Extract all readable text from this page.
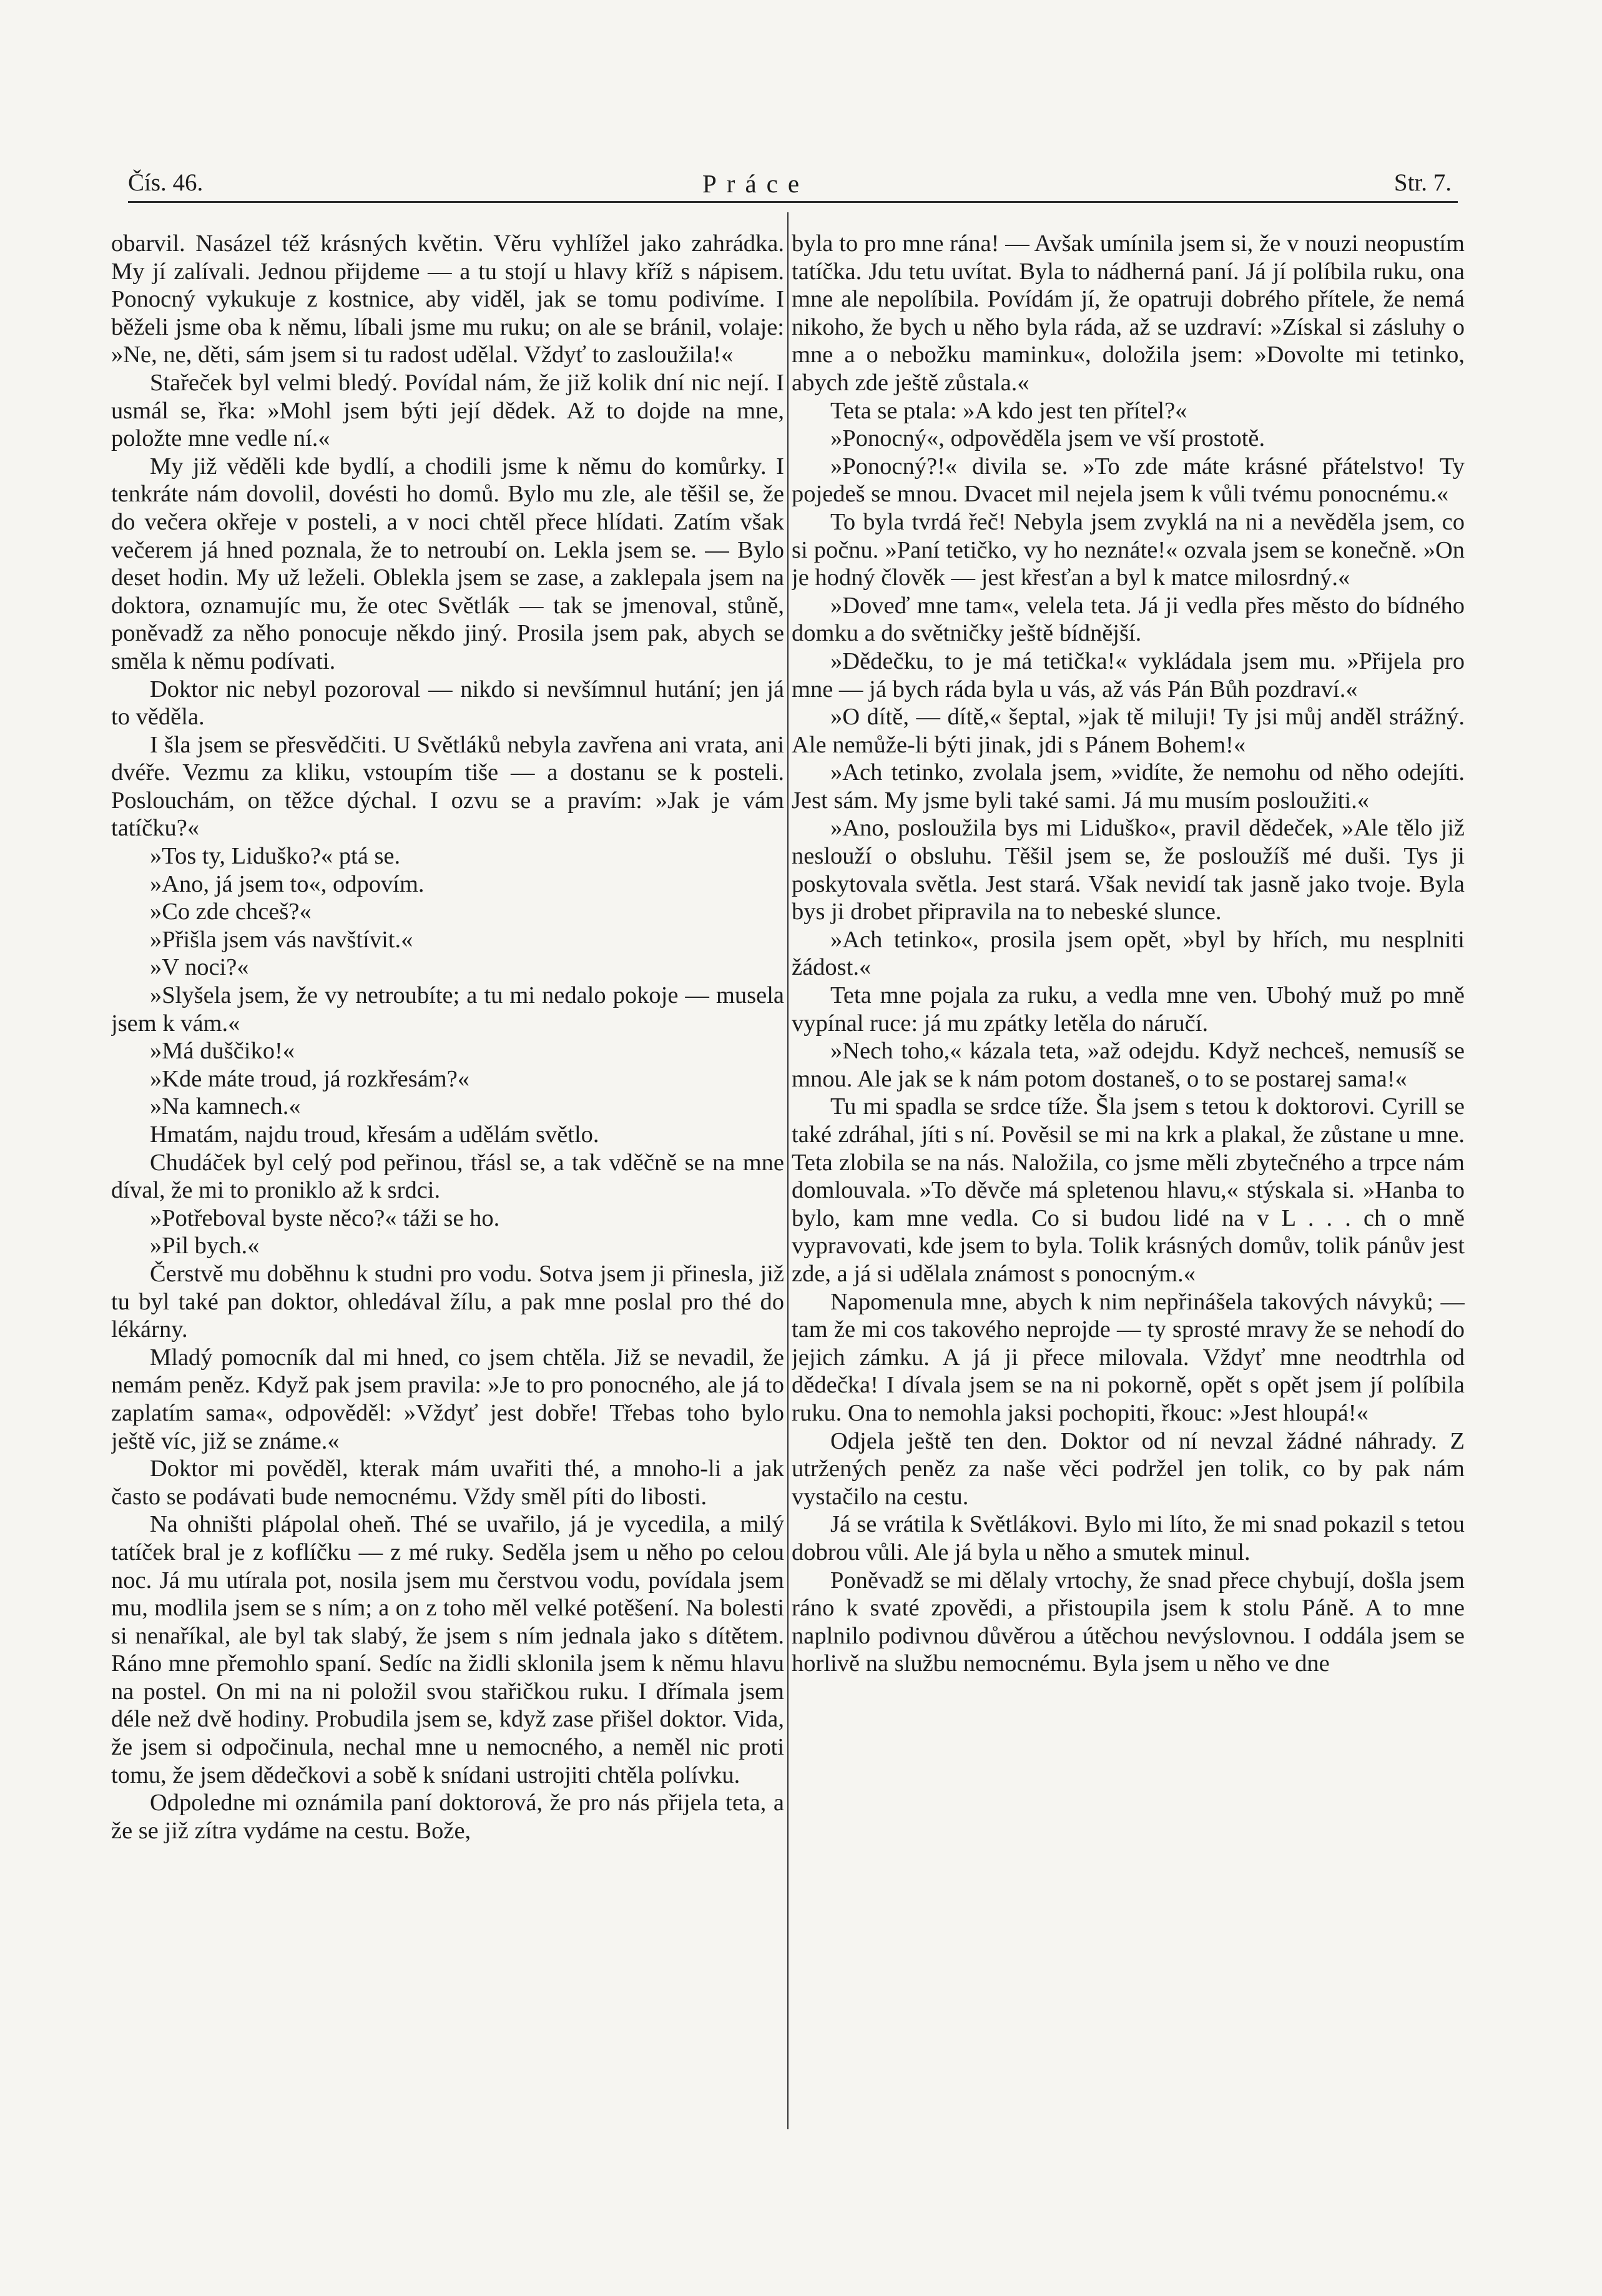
Čís. 46.	Práce	Str. 7.

obarvil. Nasázel též krásných květin. Věru vyhlížel jako zahrádka. My jí zalívali. Jednou přijdeme — a tu stojí u hlavy kříž s nápisem. Ponocný vykukuje z kostnice, aby viděl, jak se tomu podivíme. I běželi jsme oba k němu, líbali jsme mu ruku; on ale se bránil, volaje: »Ne, ne, děti, sám jsem si tu radost udělal. Vždyť to zasloužila!«

Stařeček byl velmi bledý. Povídal nám, že již kolik dní nic nejí. I usmál se, řka: »Mohl jsem býti její dědek. Až to dojde na mne, položte mne vedle ní.«

My již věděli kde bydlí, a chodili jsme k němu do komůrky. I tenkráte nám dovolil, dovésti ho domů. Bylo mu zle, ale těšil se, že do večera okřeje v posteli, a v noci chtěl přece hlídati. Zatím však večerem já hned poznala, že to netroubí on. Lekla jsem se. — Bylo deset hodin. My už leželi. Oblekla jsem se zase, a zaklepala jsem na doktora, oznamujíc mu, že otec Světlák — tak se jmenoval, stůně, poněvadž za něho ponocuje někdo jiný. Prosila jsem pak, abych se směla k němu podívati.

Doktor nic nebyl pozoroval — nikdo si nevšímnul hutání; jen já to věděla.

I šla jsem se přesvědčiti. U Světláků nebyla zavřena ani vrata, ani dvéře. Vezmu za kliku, vstoupím tiše — a dostanu se k posteli. Poslouchám, on těžce dýchal. I ozvu se a pravím: »Jak je vám tatíčku?«

»Tos ty, Liduško?« ptá se.

»Ano, já jsem to«, odpovím.

»Co zde chceš?«

»Přišla jsem vás navštívit.«

»V noci?«

»Slyšela jsem, že vy netroubíte; a tu mi nedalo pokoje — musela jsem k vám.«

»Má duščiko!«

»Kde máte troud, já rozkřesám?«

»Na kamnech.«

Hmatám, najdu troud, křesám a udělám světlo.

Chudáček byl celý pod peřinou, třásl se, a tak vděčně se na mne díval, že mi to proniklo až k srdci.

»Potřeboval byste něco?« táži se ho.

»Pil bych.«

Čerstvě mu doběhnu k studni pro vodu. Sotva jsem ji přinesla, již tu byl také pan doktor, ohledával žílu, a pak mne poslal pro thé do lékárny.

Mladý pomocník dal mi hned, co jsem chtěla. Již se nevadil, že nemám peněz. Když pak jsem pravila: »Je to pro ponocného, ale já to zaplatím sama«, odpověděl: »Vždyť jest dobře! Třebas toho bylo ještě víc, již se známe.«

Doktor mi pověděl, kterak mám uvařiti thé, a mnoho-li a jak často se podávati bude nemocnému. Vždy směl píti do libosti.

Na ohništi plápolal oheň. Thé se uvařilo, já je vycedila, a milý tatíček bral je z koflíčku — z mé ruky. Seděla jsem u něho po celou noc. Já mu utírala pot, nosila jsem mu čerstvou vodu, povídala jsem mu, modlila jsem se s ním; a on z toho měl velké potěšení. Na bolesti si nenaříkal, ale byl tak slabý, že jsem s ním jednala jako s dítětem. Ráno mne přemohlo spaní. Sedíc na židli sklonila jsem k němu hlavu na postel. On mi na ni položil svou stařičkou ruku. I dřímala jsem déle než dvě hodiny. Probudila jsem se, když zase přišel doktor. Vida, že jsem si odpočinula, nechal mne u nemocného, a neměl nic proti tomu, že jsem dědečkovi a sobě k snídani ustrojiti chtěla polívku.

Odpoledne mi oznámila paní doktorová, že pro nás přijela teta, a že se již zítra vydáme na cestu. Bože,

byla to pro mne rána! — Avšak umínila jsem si, že v nouzi neopustím tatíčka. Jdu tetu uvítat. Byla to nádherná paní. Já jí políbila ruku, ona mne ale nepolíbila. Povídám jí, že opatruji dobrého přítele, že nemá nikoho, že bych u něho byla ráda, až se uzdraví: »Získal si zásluhy o mne a o nebožku maminku«, doložila jsem: »Dovolte mi tetinko, abych zde ještě zůstala.«

Teta se ptala: »A kdo jest ten přítel?«

»Ponocný«, odpověděla jsem ve vší prostotě.

»Ponocný?!« divila se. »To zde máte krásné přátelstvo! Ty pojedeš se mnou. Dvacet mil nejela jsem k vůli tvému ponocnému.«

To byla tvrdá řeč! Nebyla jsem zvyklá na ni a nevěděla jsem, co si počnu. »Paní tetičko, vy ho neznáte!« ozvala jsem se konečně. »On je hodný člověk — jest křesťan a byl k matce milosrdný.«

»Doveď mne tam«, velela teta. Já ji vedla přes město do bídného domku a do světničky ještě bídnější.

»Dědečku, to je má tetička!« vykládala jsem mu. »Přijela pro mne — já bych ráda byla u vás, až vás Pán Bůh pozdraví.«

»O dítě, — dítě,« šeptal, »jak tě miluji! Ty jsi můj anděl strážný. Ale nemůže-li býti jinak, jdi s Pánem Bohem!«

»Ach tetinko, zvolala jsem, »vidíte, že nemohu od něho odejíti. Jest sám. My jsme byli také sami. Já mu musím posloužiti.«

»Ano, posloužila bys mi Liduško«, pravil dědeček, »Ale tělo již neslouží o obsluhu. Těšil jsem se, že posloužíš mé duši. Tys ji poskytovala světla. Jest stará. Však nevidí tak jasně jako tvoje. Byla bys ji drobet připravila na to nebeské slunce.

»Ach tetinko«, prosila jsem opět, »byl by hřích, mu nesplniti žádost.«

Teta mne pojala za ruku, a vedla mne ven. Ubohý muž po mně vypínal ruce: já mu zpátky letěla do náručí.

»Nech toho,« kázala teta, »až odejdu. Když nechceš, nemusíš se mnou. Ale jak se k nám potom dostaneš, o to se postarej sama!«

Tu mi spadla se srdce tíže. Šla jsem s tetou k doktorovi. Cyrill se také zdráhal, jíti s ní. Pověsil se mi na krk a plakal, že zůstane u mne. Teta zlobila se na nás. Naložila, co jsme měli zbytečného a trpce nám domlouvala. »To děvče má spletenou hlavu,« stýskala si. »Hanba to bylo, kam mne vedla. Co si budou lidé na v L . . . ch o mně vypravovati, kde jsem to byla. Tolik krásných domův, tolik pánův jest zde, a já si udělala známost s ponocným.«

Napomenula mne, abych k nim nepřinášela takových návyků; — tam že mi cos takového neprojde — ty sprosté mravy že se nehodí do jejich zámku. A já ji přece milovala. Vždyť mne neodtrhla od dědečka! I dívala jsem se na ni pokorně, opět s opět jsem jí políbila ruku. Ona to nemohla jaksi pochopiti, řkouc: »Jest hloupá!«

Odjela ještě ten den. Doktor od ní nevzal žádné náhrady. Z utržených peněz za naše věci podržel jen tolik, co by pak nám vystačilo na cestu.

Já se vrátila k Světlákovi. Bylo mi líto, že mi snad pokazil s tetou dobrou vůli. Ale já byla u něho a smutek minul.

Poněvadž se mi dělaly vrtochy, že snad přece chybují, došla jsem ráno k svaté zpovědi, a přistoupila jsem k stolu Páně. A to mne naplnilo podivnou důvěrou a útěchou nevýslovnou. I oddála jsem se horlivě na službu nemocnému. Byla jsem u něho ve dne
